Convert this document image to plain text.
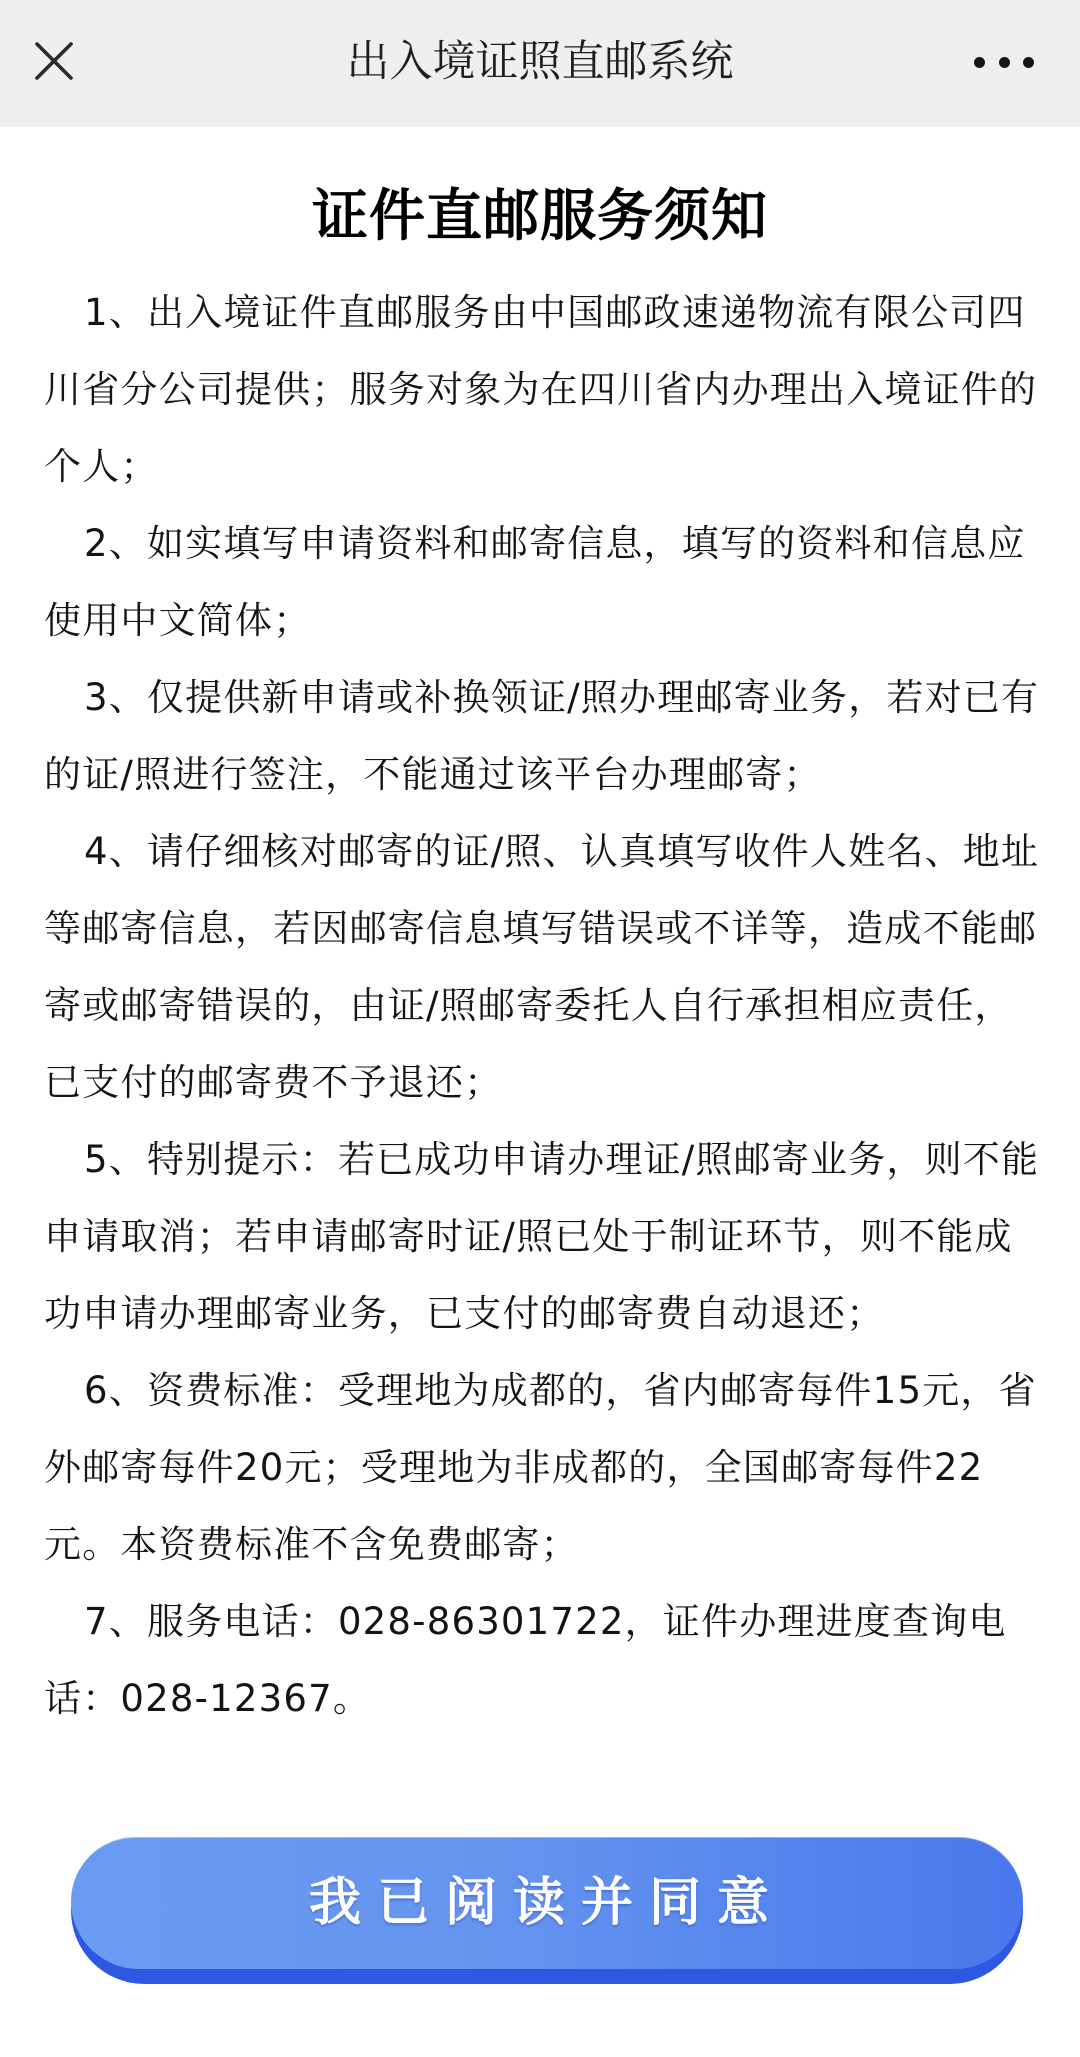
出入境证照直邮系统
证件直邮服务须知

1、出入境证件直邮服务由中国邮政速递物流有限公司四川省分公司提供；服务对象为在四川省内办理出入境证件的个人；

2、如实填写申请资料和邮寄信息，填写的资料和信息应使用中文简体；

3、仅提供新申请或补换领证/照办理邮寄业务，若对已有的证/照进行签注，不能通过该平台办理邮寄；

4、请仔细核对邮寄的证/照、认真填写收件人姓名、地址等邮寄信息，若因邮寄信息填写错误或不详等，造成不能邮寄或邮寄错误的，由证/照邮寄委托人自行承担相应责任，已支付的邮寄费不予退还；

5、特别提示：若已成功申请办理证/照邮寄业务，则不能申请取消；若申请邮寄时证/照已处于制证环节，则不能成功申请办理邮寄业务，已支付的邮寄费自动退还；

6、资费标准：受理地为成都的，省内邮寄每件15元，省外邮寄每件20元；受理地为非成都的，全国邮寄每件22元。本资费标准不含免费邮寄；

7、服务电话：028-86301722，证件办理进度查询电话：028-12367。

我已阅读并同意
